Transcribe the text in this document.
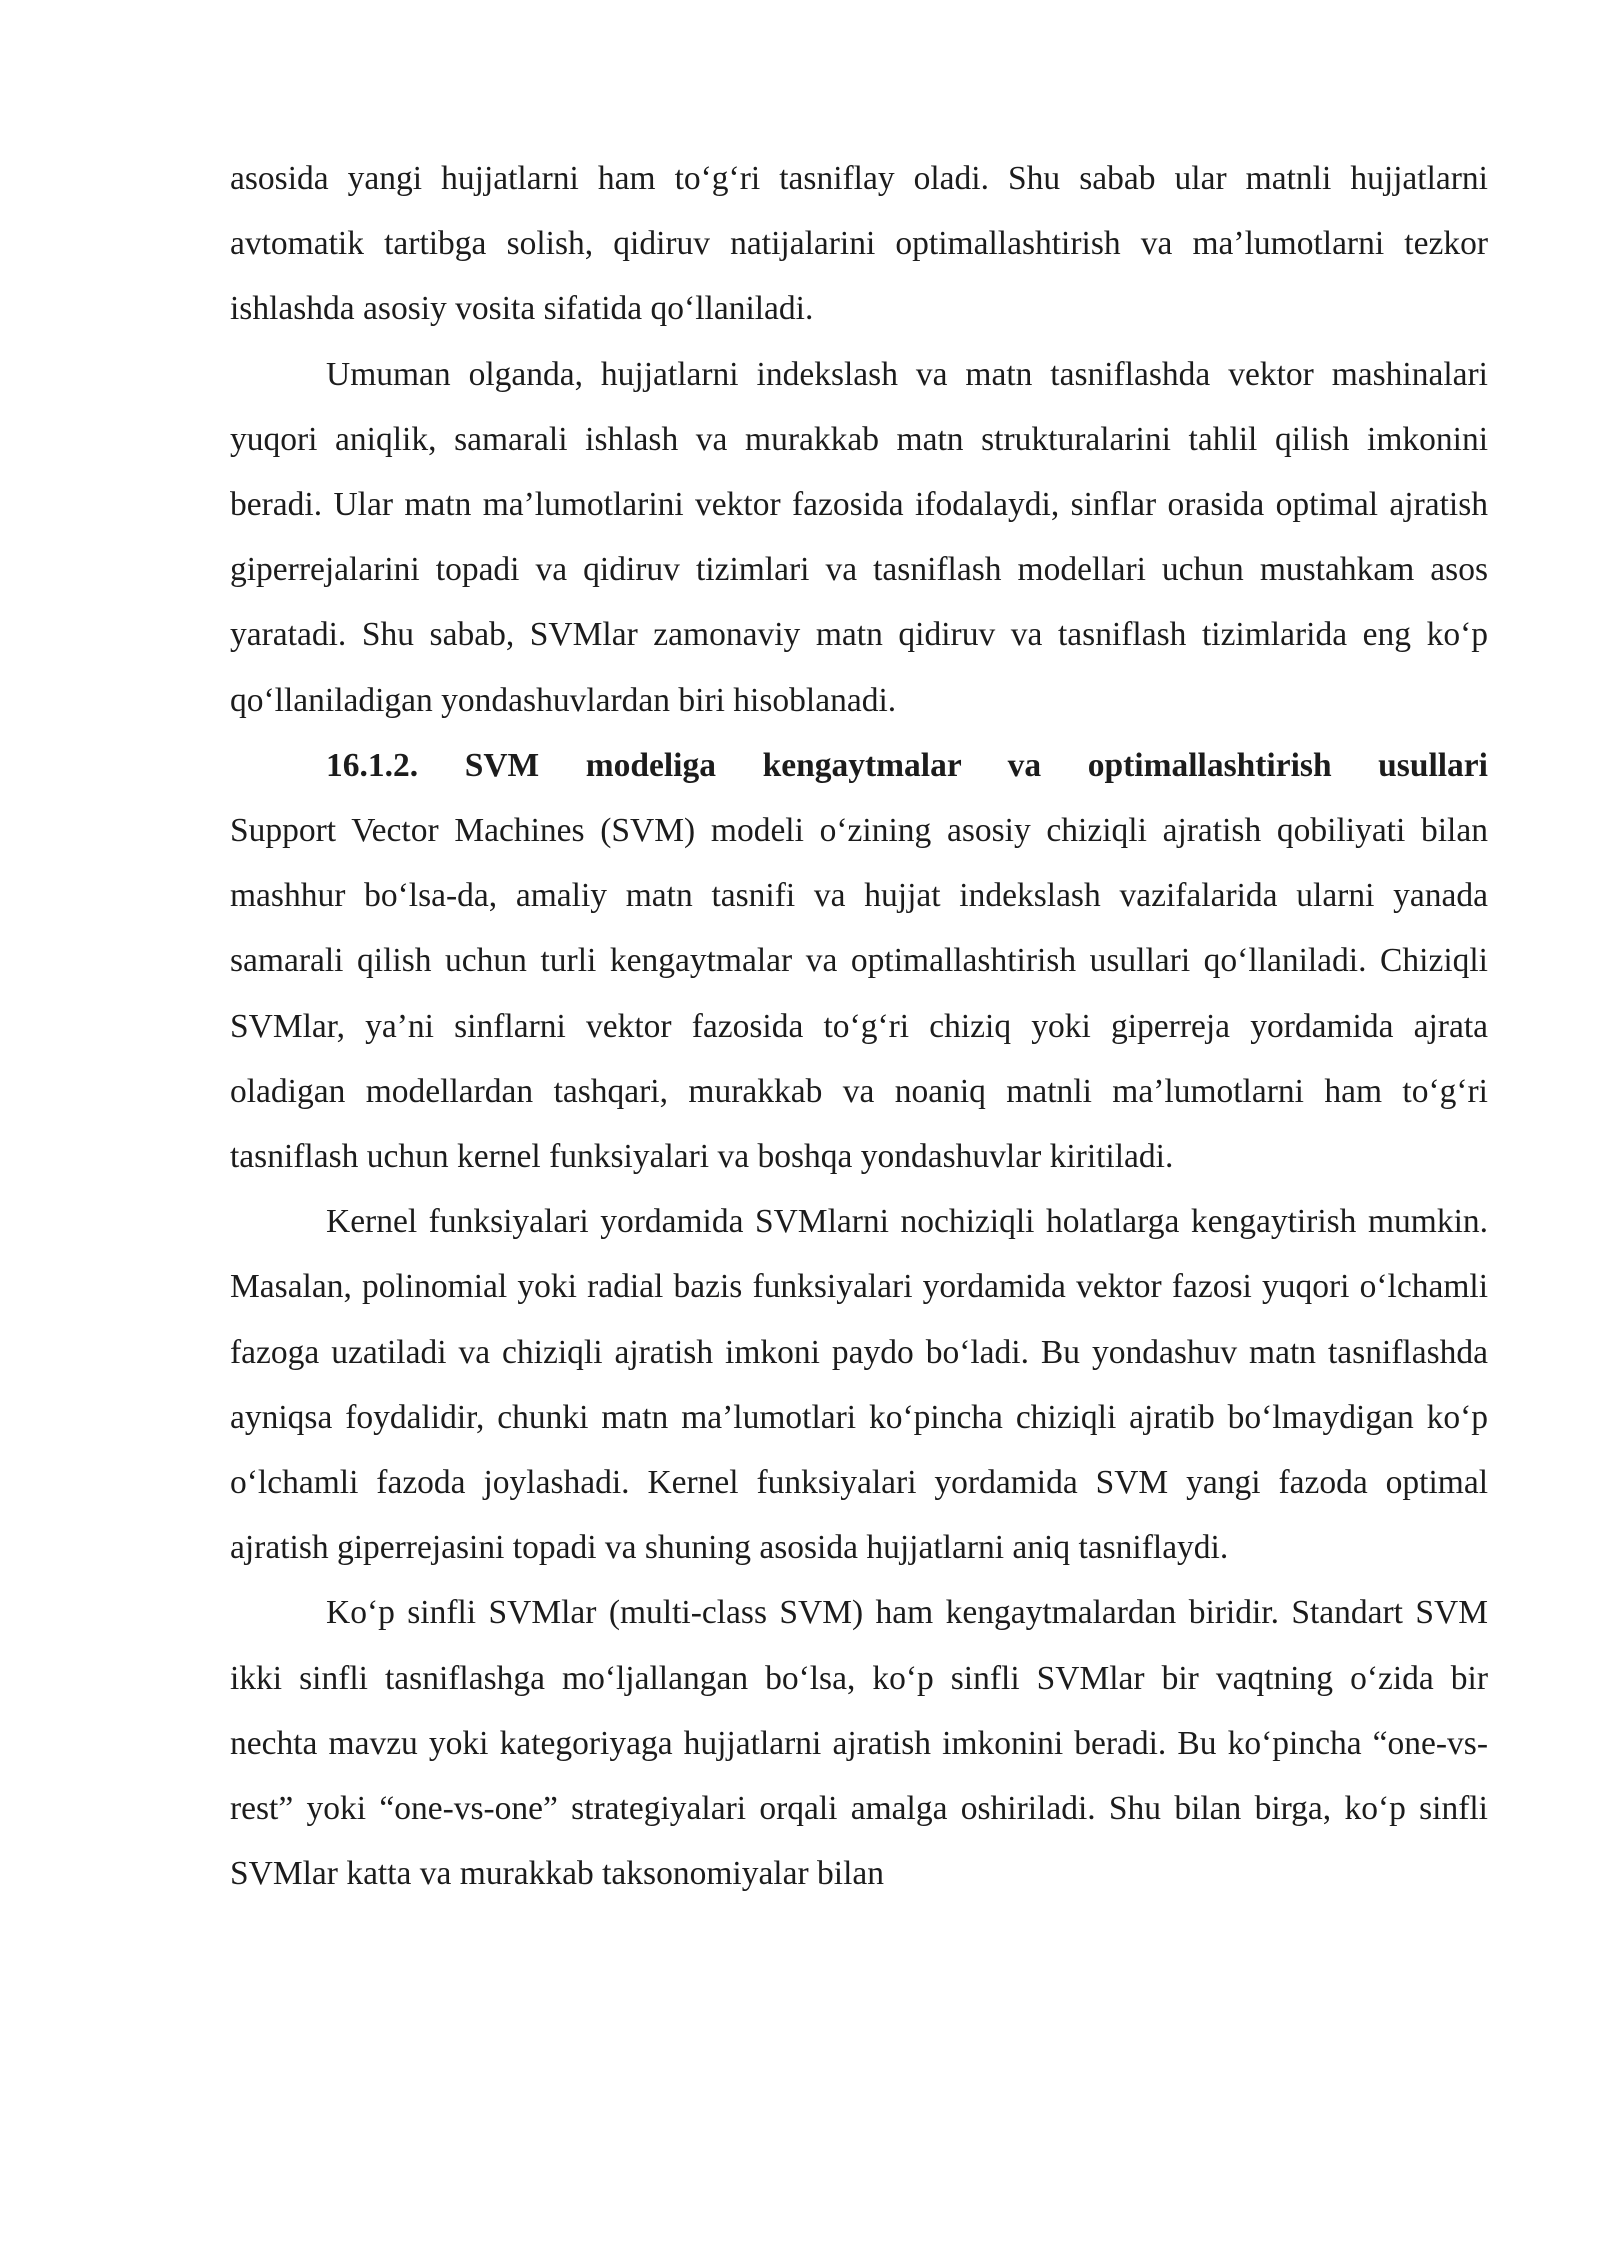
asosida yangi hujjatlarni ham to‘g‘ri tasniflay oladi. Shu sabab ular matnli hujjatlarni avtomatik tartibga solish, qidiruv natijalarini optimallashtirish va ma’lumotlarni tezkor ishlashda asosiy vosita sifatida qo‘llaniladi.

Umuman olganda, hujjatlarni indekslash va matn tasniflashda vektor mashinalari yuqori aniqlik, samarali ishlash va murakkab matn strukturalarini tahlil qilish imkonini beradi. Ular matn ma’lumotlarini vektor fazosida ifodalaydi, sinflar orasida optimal ajratish giperrejalarini topadi va qidiruv tizimlari va tasniflash modellari uchun mustahkam asos yaratadi. Shu sabab, SVMlar zamonaviy matn qidiruv va tasniflash tizimlarida eng ko‘p qo‘llaniladigan yondashuvlardan biri hisoblanadi.

16.1.2. SVM modeliga kengaytmalar va optimallashtirish usullari

Support Vector Machines (SVM) modeli o‘zining asosiy chiziqli ajratish qobiliyati bilan mashhur bo‘lsa-da, amaliy matn tasnifi va hujjat indekslash vazifalarida ularni yanada samarali qilish uchun turli kengaytmalar va optimallashtirish usullari qo‘llaniladi. Chiziqli SVMlar, ya’ni sinflarni vektor fazosida to‘g‘ri chiziq yoki giperreja yordamida ajrata oladigan modellardan tashqari, murakkab va noaniq matnli ma’lumotlarni ham to‘g‘ri tasniflash uchun kernel funksiyalari va boshqa yondashuvlar kiritiladi.

Kernel funksiyalari yordamida SVMlarni nochiziqli holatlarga kengaytirish mumkin. Masalan, polinomial yoki radial bazis funksiyalari yordamida vektor fazosi yuqori o‘lchamli fazoga uzatiladi va chiziqli ajratish imkoni paydo bo‘ladi. Bu yondashuv matn tasniflashda ayniqsa foydalidir, chunki matn ma’lumotlari ko‘pincha chiziqli ajratib bo‘lmaydigan ko‘p o‘lchamli fazoda joylashadi. Kernel funksiyalari yordamida SVM yangi fazoda optimal ajratish giperrejasini topadi va shuning asosida hujjatlarni aniq tasniflaydi.

Ko‘p sinfli SVMlar (multi-class SVM) ham kengaytmalardan biridir. Standart SVM ikki sinfli tasniflashga mo‘ljallangan bo‘lsa, ko‘p sinfli SVMlar bir vaqtning o‘zida bir nechta mavzu yoki kategoriyaga hujjatlarni ajratish imkonini beradi. Bu ko‘pincha “one-vs-rest” yoki “one-vs-one” strategiyalari orqali amalga oshiriladi. Shu bilan birga, ko‘p sinfli SVMlar katta va murakkab taksonomiyalar bilan
